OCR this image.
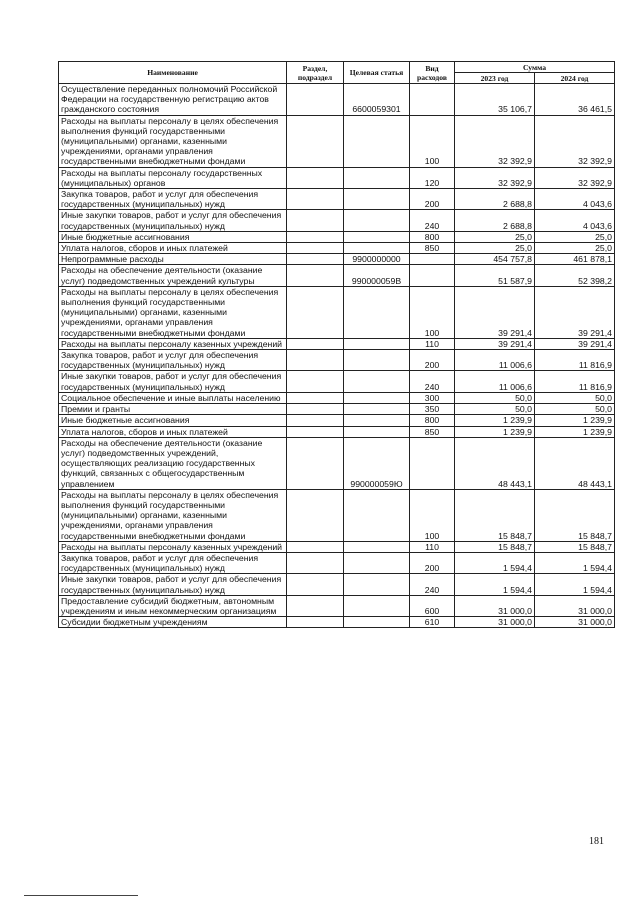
Наименование	Раздел, подраздел	Целевая статья	Вид расходов	Сумма	
				2023 год	2024 год
Осуществление переданных полномочий Российской Федерации на государственную регистрацию актов гражданского состояния		6600059301		35 106,7	36 461,5
Расходы на выплаты персоналу в целях обеспечения выполнения функций государственными (муниципальными) органами, казенными учреждениями, органами управления государственными внебюджетными фондами			100	32 392,9	32 392,9
Расходы на выплаты персоналу государственных (муниципальных) органов			120	32 392,9	32 392,9
Закупка товаров, работ и услуг для обеспечения государственных (муниципальных) нужд			200	2 688,8	4 043,6
Иные закупки товаров, работ и услуг для обеспечения государственных (муниципальных) нужд			240	2 688,8	4 043,6
Иные бюджетные ассигнования			800	25,0	25,0
Уплата налогов, сборов и иных платежей			850	25,0	25,0
Непрограммные расходы		9900000000		454 757,8	461 878,1
Расходы на обеспечение деятельности (оказание услуг) подведомственных учреждений культуры		990000059В		51 587,9	52 398,2
Расходы на выплаты персоналу в целях обеспечения выполнения функций государственными (муниципальными) органами, казенными учреждениями, органами управления государственными внебюджетными фондами			100	39 291,4	39 291,4
Расходы на выплаты персоналу казенных учреждений			110	39 291,4	39 291,4
Закупка товаров, работ и услуг для обеспечения государственных (муниципальных) нужд			200	11 006,6	11 816,9
Иные закупки товаров, работ и услуг для обеспечения государственных (муниципальных) нужд			240	11 006,6	11 816,9
Социальное обеспечение и иные выплаты населению			300	50,0	50,0
Премии и гранты			350	50,0	50,0
Иные бюджетные ассигнования			800	1 239,9	1 239,9
Уплата налогов, сборов и иных платежей			850	1 239,9	1 239,9
Расходы на обеспечение деятельности (оказание услуг) подведомственных учреждений, осуществляющих реализацию государственных функций, связанных с общегосударственным управлением		990000059Ю		48 443,1	48 443,1
Расходы на выплаты персоналу в целях обеспечения выполнения функций государственными (муниципальными) органами, казенными учреждениями, органами управления государственными внебюджетными фондами			100	15 848,7	15 848,7
Расходы на выплаты персоналу казенных учреждений			110	15 848,7	15 848,7
Закупка товаров, работ и услуг для обеспечения государственных (муниципальных) нужд			200	1 594,4	1 594,4
Иные закупки товаров, работ и услуг для обеспечения государственных (муниципальных) нужд			240	1 594,4	1 594,4
Предоставление субсидий бюджетным, автономным учреждениям и иным некоммерческим организациям			600	31 000,0	31 000,0
Субсидии бюджетным учреждениям			610	31 000,0	31 000,0
181
